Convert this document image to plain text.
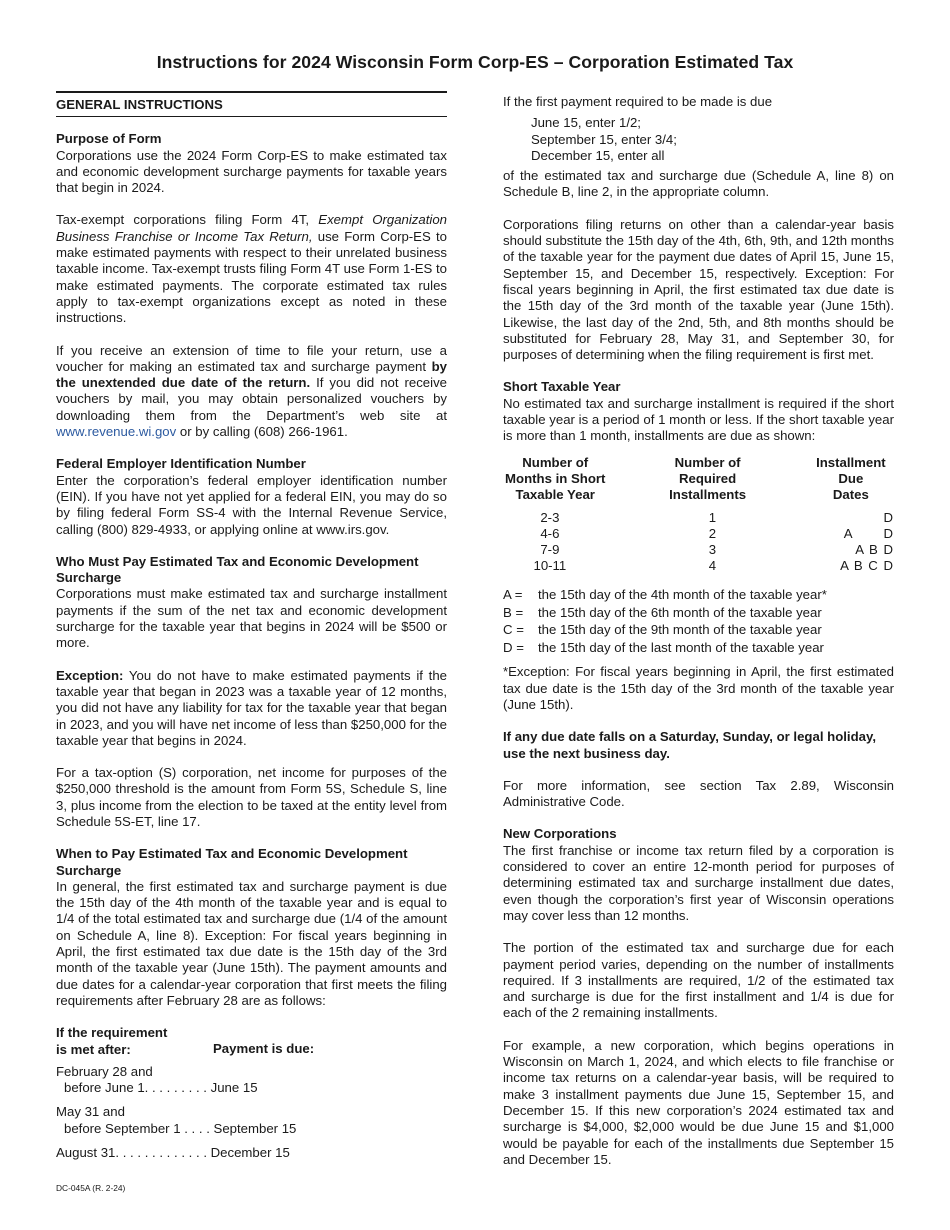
Instructions for 2024 Wisconsin Form Corp-ES – Corporation Estimated Tax
GENERAL INSTRUCTIONS
Purpose of Form
Corporations use the 2024 Form Corp-ES to make estimated tax and economic development surcharge payments for taxable years that begin in 2024.
Tax-exempt corporations filing Form 4T, Exempt Organization Business Franchise or Income Tax Return, use Form Corp-ES to make estimated payments with respect to their unrelated business taxable income. Tax-exempt trusts filing Form 4T use Form 1-ES to make estimated payments. The corporate estimated tax rules apply to tax-exempt organizations except as noted in these instructions.
If you receive an extension of time to file your return, use a voucher for making an estimated tax and surcharge payment by the unextended due date of the return. If you did not receive vouchers by mail, you may obtain personalized vouchers by downloading them from the Department’s web site at www.revenue.wi.gov or by calling (608) 266-1961.
Federal Employer Identification Number
Enter the corporation’s federal employer identification number (EIN). If you have not yet applied for a federal EIN, you may do so by filing federal Form SS-4 with the Internal Revenue Service, calling (800) 829-4933, or applying online at www.irs.gov.
Who Must Pay Estimated Tax and Economic Development Surcharge
Corporations must make estimated tax and surcharge installment payments if the sum of the net tax and economic development surcharge for the taxable year that begins in 2024 will be $500 or more.
Exception: You do not have to make estimated payments if the taxable year that began in 2023 was a taxable year of 12 months, you did not have any liability for tax for the taxable year that began in 2023, and you will have net income of less than $250,000 for the taxable year that begins in 2024.
For a tax-option (S) corporation, net income for purposes of the $250,000 threshold is the amount from Form 5S, Schedule S, line 3, plus income from the election to be taxed at the entity level from Schedule 5S-ET, line 17.
When to Pay Estimated Tax and Economic Development Surcharge
In general, the first estimated tax and surcharge payment is due the 15th day of the 4th month of the taxable year and is equal to 1/4 of the total estimated tax and surcharge due (1/4 of the amount on Schedule A, line 8). Exception: For fiscal years beginning in April, the first estimated tax due date is the 15th day of the 3rd month of the taxable year (June 15th). The payment amounts and due dates for a calendar-year corporation that first meets the filing requirements after February 28 are as follows:
If the requirement
is met after:	Payment is due:
February 28 and
before June 1. . . . . . . . . June 15
May 31 and
before September 1 . . . . September 15
August 31. . . . . . . . . . . . . December 15
If the first payment required to be made is due
June 15, enter 1/2;
September 15, enter 3/4;
December 15, enter all
of the estimated tax and surcharge due (Schedule A, line 8) on Schedule B, line 2, in the appropriate column.
Corporations filing returns on other than a calendar-year basis should substitute the 15th day of the 4th, 6th, 9th, and 12th months of the taxable year for the payment due dates of April 15, June 15, September 15, and December 15, respectively. Exception: For fiscal years beginning in April, the first estimated tax due date is the 15th day of the 3rd month of the taxable year (June 15th). Likewise, the last day of the 2nd, 5th, and 8th months should be substituted for February 28, May 31, and September 30, for purposes of determining when the filing requirement is first met.
Short Taxable Year
No estimated tax and surcharge installment is required if the short taxable year is a period of 1 month or less. If the short taxable year is more than 1 month, installments are due as shown:
Number of
Months in Short
Taxable Year
Number of
Required
Installments
Installment
Due
Dates
2-3	1	D
4-6	2	A D
7-9	3	A B D
10-11	4	A B C D
A =	the 15th day of the 4th month of the taxable year*
B =	the 15th day of the 6th month of the taxable year
C =	the 15th day of the 9th month of the taxable year
D =	the 15th day of the last month of the taxable year
*Exception: For fiscal years beginning in April, the first estimated tax due date is the 15th day of the 3rd month of the taxable year (June 15th).
If any due date falls on a Saturday, Sunday, or legal holiday, use the next business day.
For more information, see section Tax 2.89, Wisconsin Administrative Code.
New Corporations
The first franchise or income tax return filed by a corporation is considered to cover an entire 12-month period for purposes of determining estimated tax and surcharge installment due dates, even though the corporation’s first year of Wisconsin operations may cover less than 12 months.
The portion of the estimated tax and surcharge due for each payment period varies, depending on the number of installments required. If 3 installments are required, 1/2 of the estimated tax and surcharge is due for the first installment and 1/4 is due for each of the 2 remaining installments.
For example, a new corporation, which begins operations in Wisconsin on March 1, 2024, and which elects to file franchise or income tax returns on a calendar-year basis, will be required to make 3 installment payments due June 15, September 15, and December 15. If this new corporation’s 2024 estimated tax and surcharge is $4,000, $2,000 would be due June 15 and $1,000 would be payable for each of the installments due September 15 and December 15.
DC-045A (R. 2-24)
